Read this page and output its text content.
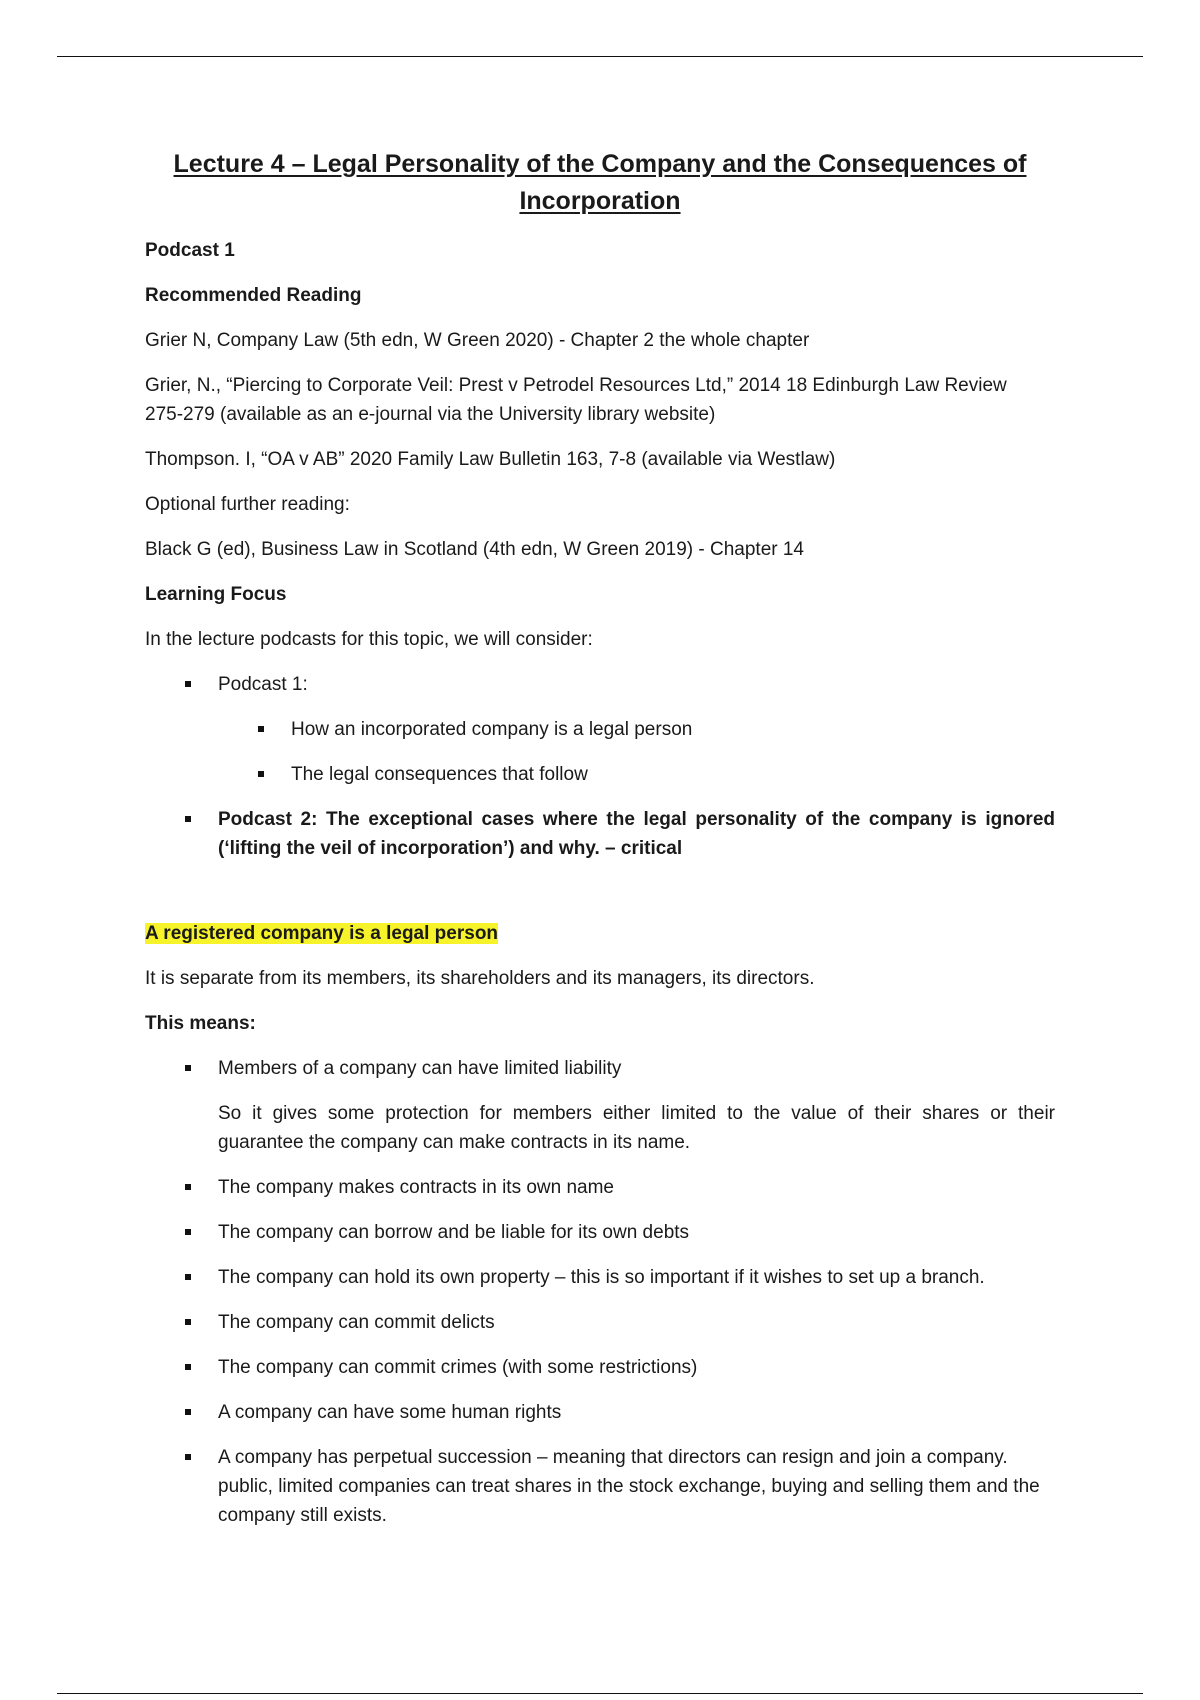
Lecture 4 – Legal Personality of the Company and the Consequences of
Incorporation

Podcast 1

Recommended Reading

Grier N, Company Law (5th edn, W Green 2020) - Chapter 2 the whole chapter

Grier, N., “Piercing to Corporate Veil: Prest v Petrodel Resources Ltd,” 2014 18 Edinburgh Law Review 275-279 (available as an e-journal via the University library website)

Thompson. I, “OA v AB” 2020 Family Law Bulletin 163, 7-8 (available via Westlaw)

Optional further reading:

Black G (ed), Business Law in Scotland (4th edn, W Green 2019) - Chapter 14

Learning Focus

In the lecture podcasts for this topic, we will consider:

Podcast 1:
How an incorporated company is a legal person
The legal consequences that follow
Podcast 2: The exceptional cases where the legal personality of the company is ignored (‘lifting the veil of incorporation’) and why. – critical

A registered company is a legal person

It is separate from its members, its shareholders and its managers, its directors.

This means:

Members of a company can have limited liability

So it gives some protection for members either limited to the value of their shares or their guarantee the company can make contracts in its name.

The company makes contracts in its own name
The company can borrow and be liable for its own debts
The company can hold its own property – this is so important if it wishes to set up a branch.
The company can commit delicts
The company can commit crimes (with some restrictions)
A company can have some human rights
A company has perpetual succession – meaning that directors can resign and join a company. public, limited companies can treat shares in the stock exchange, buying and selling them and the company still exists.
